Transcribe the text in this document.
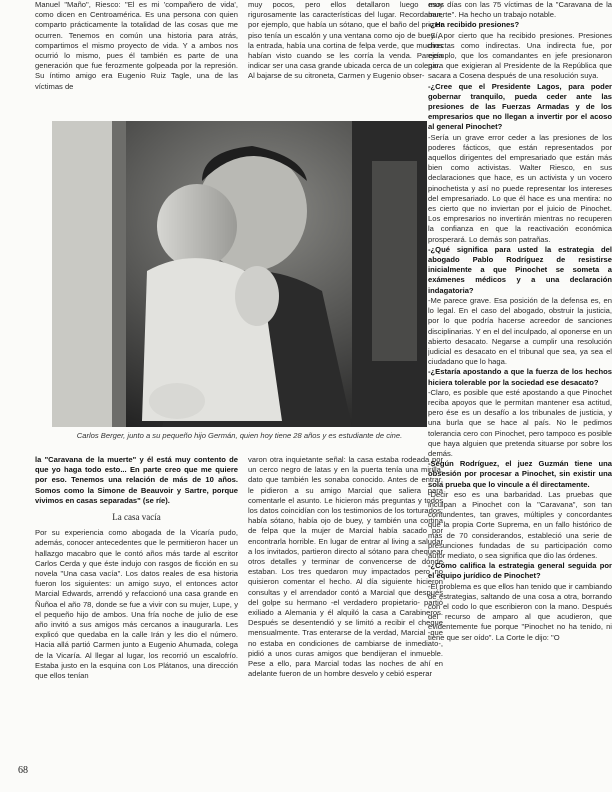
Manuel "Maño", Riesco: "El es mi 'compañero de vida', como dicen en Centroamérica. Es una persona con quien comparto prácticamente la totalidad de las cosas que me ocurren. Tenemos en común una historia para atrás, compartimos el mismo proyecto de vida. Y a ambos nos ocurrió lo mismo, pues él también es parte de una generación que fue ferozmente golpeada por la represión. Su íntimo amigo era Eugenio Ruiz Tagle, una de las víctimas de

muy pocos, pero ellos detallaron luego muy rigurosamente las características del lugar. Recordaban, por ejemplo, que había un sótano, que el baño del primer piso tenía un escalón y una ventana como ojo de buey. A la entrada, había una cortina de felpa verde, que muchos habían visto cuando se les corría la venda. Parecía indicar ser una casa grande ubicada cerca de un colegio.

Al bajarse de su citroneta, Carmen y Eugenio obser-

Carlos Berger, junto a su pequeño hijo Germán, quien hoy tiene 28 años y es estudiante de cine.

la "Caravana de la muerte" y él está muy contento de que yo haga todo esto... En parte creo que me quiere por eso. Tenemos una relación de más de 10 años. Somos como la Simone de Beauvoir y Sartre, porque vivimos en casas separadas" (se ríe).

La casa vacía

Por su experiencia como abogada de la Vicaría pudo, además, conocer antecedentes que le permitieron hacer un hallazgo macabro que le contó años más tarde al escritor Carlos Cerda y que éste indujo con rasgos de ficción en su novela "Una casa vacía". Los datos reales de esa historia fueron los siguientes: un amigo suyo, el entonces actor Marcial Edwards, arrendó y refaccionó una casa grande en Ñuñoa el año 78, donde se fue a vivir con su mujer, Lupe, y el pequeño hijo de ambos. Una fría noche de julio de ese año invitó a sus amigos más cercanos a inaugurarla. Les explicó que quedaba en la calle Irán y les dio el número. Hacia allá partió Carmen junto a Eugenio Ahumada, colega de la Vicaría. Al llegar al lugar, los recorrió un escalofrío. Estaba justo en la esquina con Los Plátanos, una dirección que ellos tenían

varon otra inquietante señal: la casa estaba rodeada por un cerco negro de latas y en la puerta tenía una mirilla, dato que también les sonaba conocido. Antes de entrar, le pidieron a su amigo Marcial que saliera para comentarle el asunto. Le hicieron más preguntas y todos los datos coincidían con los testimonios de los torturados: había sótano, había ojo de buey, y también una cortina de felpa que la mujer de Marcial había sacado por encontrarla horrible. En lugar de entrar al living a saludar a los invitados, partieron directo al sótano para chequear otros detalles y terminar de convencerse de dónde estaban. Los tres quedaron muy impactados pero no quisieron comentar el hecho. Al día siguiente hicieron consultas y el arrendador contó a Marcial que después del golpe su hermano -el verdadero propietario- partió exiliado a Alemania y él alquiló la casa a Carabineros. Después se desentendió y se limitó a recibir el cheque mensualmente. Tras enterarse de la verdad, Marcial -que no estaba en condiciones de cambiarse de inmediato-, pidió a unos curas amigos que bendijeran el inmueble. Pese a ello, para Marcial todas las noches de ahí en adelante fueron de un hombre desvelo y cebió esperar

esos días con las 75 víctimas de la "Caravana de la muerte". Ha hecho un trabajo notable.

-¿Ha recibido presiones?

-Sí, por cierto que ha recibido presiones. Presiones directas como indirectas. Una indirecta fue, por ejemplo, que los comandantes en jefe presionaron para que exigieran al Presidente de la República que sacara a Cosena después de una resolución suya.

-¿Cree que el Presidente Lagos, para poder gobernar tranquilo, pueda ceder ante las presiones de las Fuerzas Armadas y de los empresarios que no llegan a invertir por el acoso al general Pinochet?

-Sería un grave error ceder a las presiones de los poderes fácticos, que están representados por aquellos dirigentes del empresariado que están más bien como activistas. Walter Riesco, en sus declaraciones que hace, es un activista y un vocero pinochetista y así no puede representar los intereses del empresariado. Lo que él hace es una mentira: no es cierto que no inviertan por el juicio de Pinochet. Los empresarios no invertirán mientras no recuperen la confianza en que la reactivación económica prosperará. Lo demás son patrañas.

-¿Qué significa para usted la estrategia del abogado Pablo Rodríguez de resistirse inicialmente a que Pinochet se someta a exámenes médicos y a una declaración indagatoria?

-Me parece grave. Esa posición de la defensa es, en lo legal. En el caso del abogado, obstruir la justicia, por lo que podría hacerse acreedor de sanciones disciplinarias. Y en el del inculpado, al oponerse en un abierto desacato. Negarse a cumplir una resolución judicial es desacato en el tribunal que sea, ya sea el ciudadano que lo haga.

-¿Estaría apostando a que la fuerza de los hechos hiciera tolerable por la sociedad ese desacato?

-Claro, es posible que esté apostando a que Pinochet reciba apoyos que le permitan mantener esa actitud, pero ése es un desafío a los tribunales de justicia, y una burla que se hace al país. No le pedimos tolerancia cero con Pinochet, pero tampoco es posible que haya alguien que pretenda situarse por sobre los demás.

-Según Rodríguez, el juez Guzmán tiene una obsesión por procesar a Pinochet, sin existir una sola prueba que lo vincule a él directamente.

-Decir eso es una barbaridad. Las pruebas que inculpan a Pinochet con la "Caravana", son tan contundentes, tan graves, múltiples y concordantes que la propia Corte Suprema, en un fallo histórico de más de 70 considerandos, estableció una serie de presunciones fundadas de su participación como autor mediato, o sea significa que dio las órdenes.

-¿Cómo califica la estrategia general seguida por el equipo jurídico de Pinochet?

-El problema es que ellos han tenido que ir cambiando de estrategias, saltando de una cosa a otra, borrando con el codo lo que escribieron con la mano. Después del recurso de amparo al que acudieron, que evidentemente fue porque "Pinochet no ha tenido, ni tiene que ser oído". La Corte le dijo: "O

68
